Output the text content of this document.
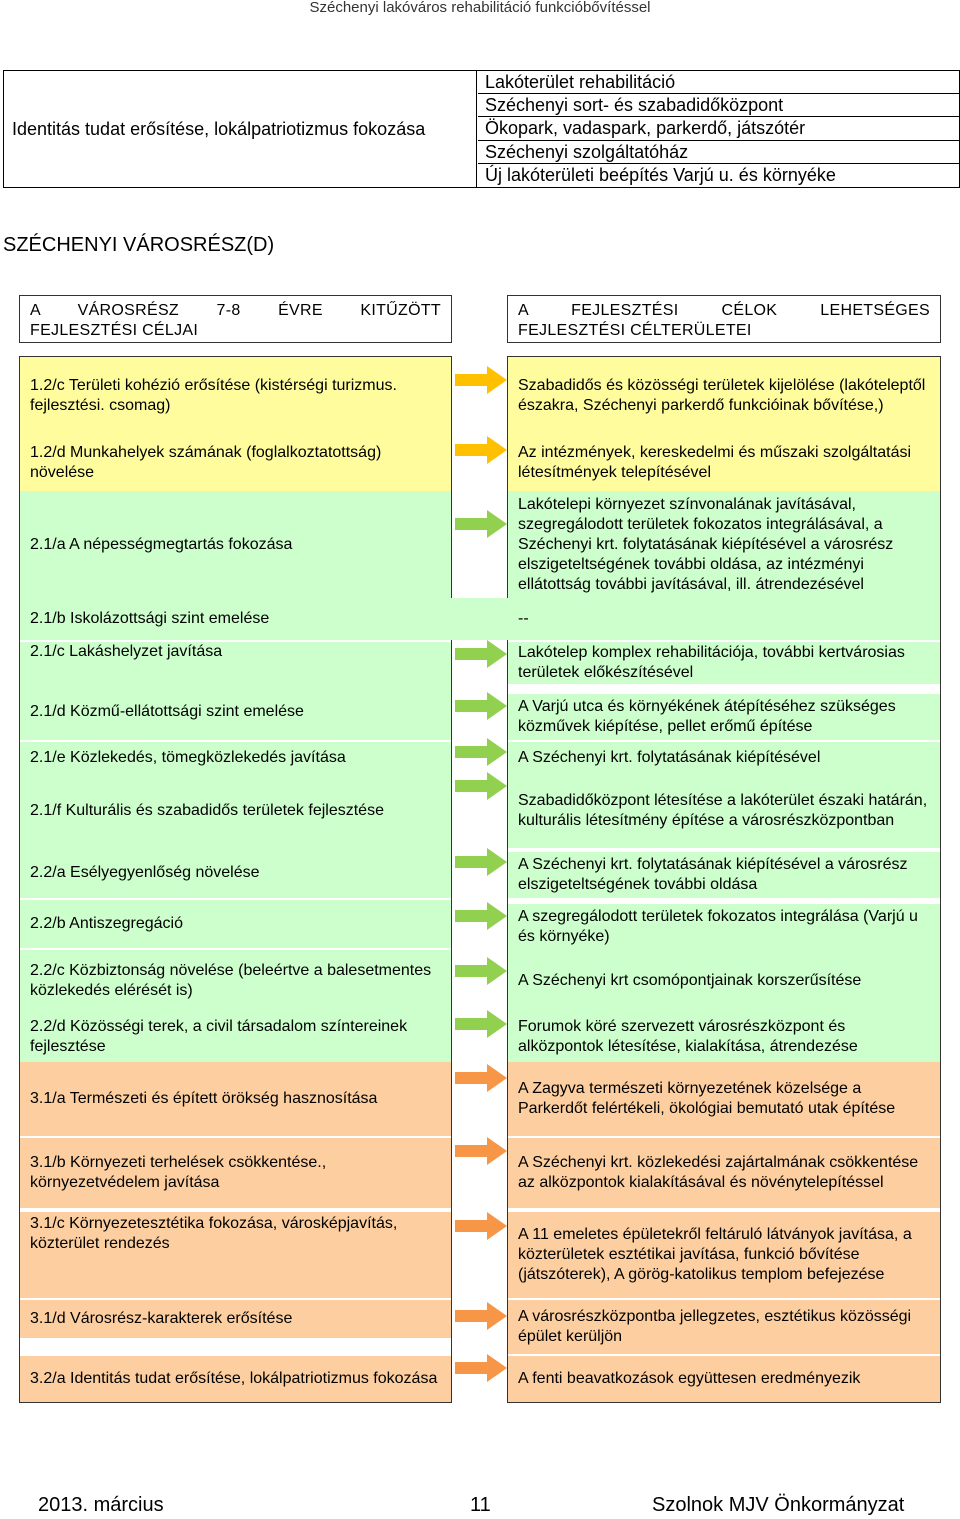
Széchenyi lakóváros rehabilitáció funkcióbővítéssel
Identitás tudat erősítése, lokálpatriotizmus fokozása
Lakóterület rehabilitáció
Széchenyi sort- és szabadidőközpont
Ökopark, vadaspark, parkerdő, játszótér
Széchenyi szolgáltatóház
Új lakóterületi beépítés Varjú u. és környéke
SZÉCHENYI VÁROSRÉSZ(D)
A VÁROSRÉSZ 7-8 ÉVRE KITŰZÖTT
FEJLESZTÉSI CÉLJAI
A FEJLESZTÉSI CÉLOK LEHETSÉGES
FEJLESZTÉSI CÉLTERÜLETEI
1.2/c Területi kohézió erősítése (kistérségi turizmus. fejlesztési. csomag)
1.2/d Munkahelyek számának (foglalkoztatottság) növelése
2.1/a A népességmegtartás fokozása
2.1/b Iskolázottsági szint emelése
2.1/c Lakáshelyzet javítása
2.1/d Közmű-ellátottsági szint emelése
2.1/e Közlekedés, tömegközlekedés javítása
2.1/f Kulturális és szabadidős területek fejlesztése
2.2/a Esélyegyenlőség növelése
2.2/b Antiszegregáció
2.2/c Közbiztonság növelése (beleértve a balesetmentes közlekedés elérését is)
2.2/d Közösségi terek, a civil társadalom színtereinek fejlesztése
3.1/a Természeti és épített örökség hasznosítása
3.1/b Környezeti terhelések csökkentése., környezetvédelem javítása
3.1/c Környezetesztétika fokozása, városképjavítás, közterület rendezés
3.1/d Városrész-karakterek erősítése
3.2/a Identitás tudat erősítése, lokálpatriotizmus fokozása
Szabadidős és közösségi területek kijelölése (lakóteleptől északra, Széchenyi parkerdő funkcióinak bővítése,)
Az intézmények, kereskedelmi és műszaki szolgáltatási létesítmények telepítésével
Lakótelepi környezet színvonalának javításával, szegregálodott területek fokozatos integrálásával, a Széchenyi krt. folytatásának kiépítésével a városrész elszigeteltségének további oldása, az intézményi ellátottság további javításával, ill. átrendezésével
--
Lakótelep komplex rehabilitációja, további kertvárosias területek előkészítésével
A Varjú utca és környékének átépítéséhez szükséges közművek kiépítése, pellet erőmű építése
A Széchenyi krt. folytatásának kiépítésével
Szabadidőközpont létesítése a lakóterület északi határán, kulturális létesítmény építése a városrészközpontban
A Széchenyi krt. folytatásának kiépítésével a városrész elszigeteltségének további oldása
A szegregálodott területek fokozatos integrálása (Varjú u és környéke)
A Széchenyi krt csomópontjainak korszerűsítése
Forumok köré szervezett városrészközpont és alközpontok létesítése, kialakítása, átrendezése
A Zagyva természeti környezetének közelsége a Parkerdőt felértékeli, ökológiai bemutató utak építése
A Széchenyi krt. közlekedési zajártalmának csökkentése az alközpontok kialakításával és növénytelepítéssel
A 11 emeletes épületekről feltáruló látványok javítása, a közterületek esztétikai javítása, funkció bővítése (játszóterek), A görög-katolikus templom befejezése
A városrészközpontba jellegzetes, esztétikus közösségi épület kerüljön
A fenti beavatkozások együttesen eredményezik
2013. március	11	Szolnok MJV Önkormányzat
